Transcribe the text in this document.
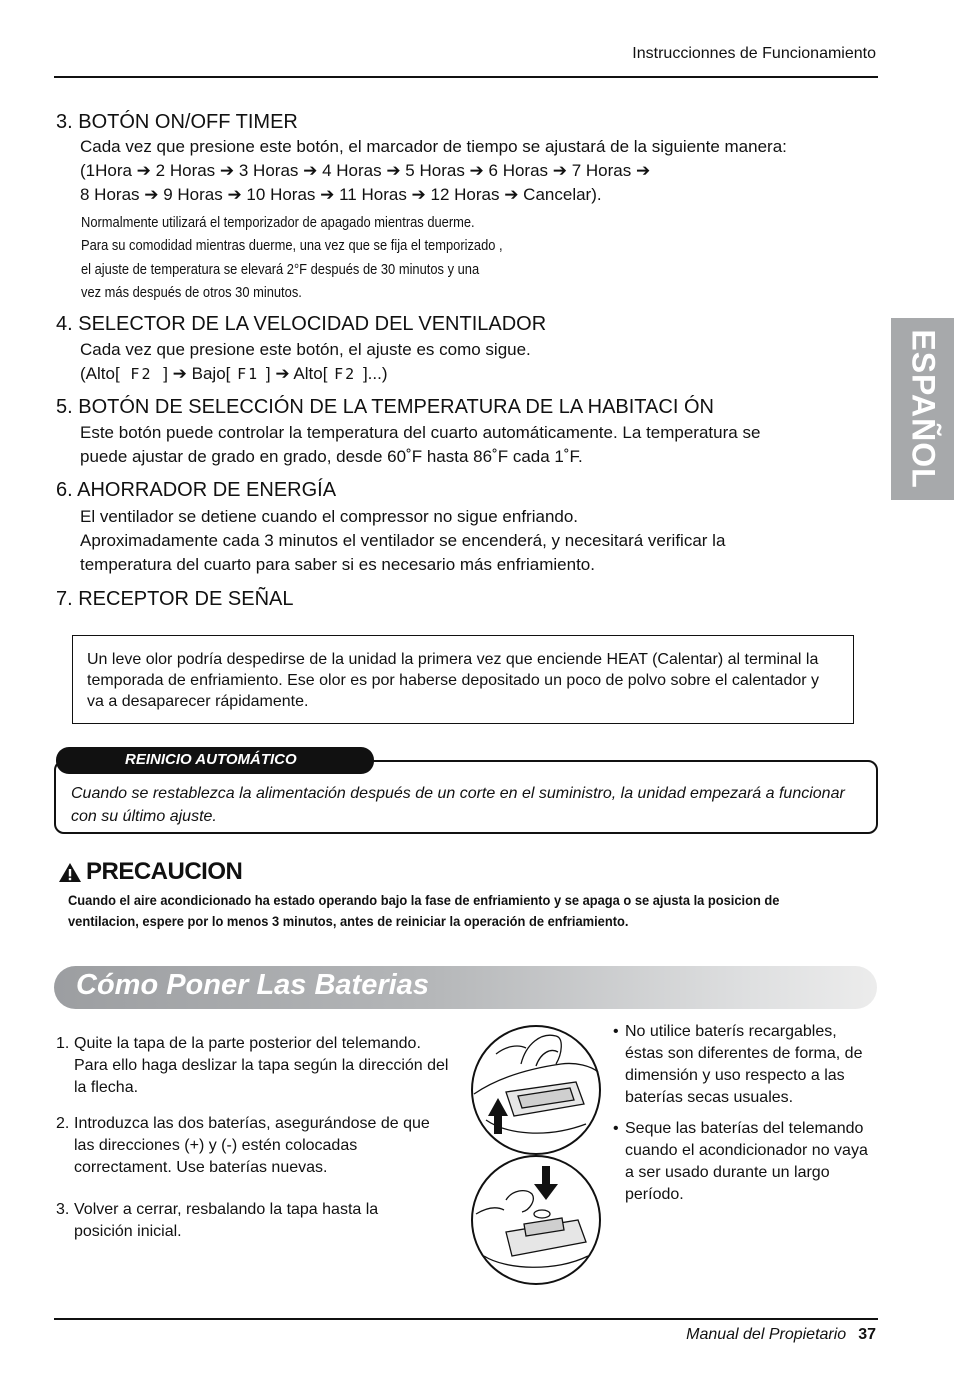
Instruccionnes de Funcionamiento
ESPAÑOL
3. BOTÓN ON/OFF TIMER
Cada vez que presione este botón, el marcador de tiempo se ajustará de la siguiente manera:
(1Hora ➔ 2 Horas ➔ 3 Horas ➔ 4 Horas ➔ 5 Horas ➔ 6 Horas ➔ 7 Horas ➔
8 Horas ➔ 9 Horas ➔ 10 Horas ➔ 11 Horas ➔ 12 Horas ➔ Cancelar).
Normalmente utilizará el temporizador de apagado mientras duerme.
Para su comodidad mientras duerme, una vez que se fija el temporizado ,
el ajuste de temperatura se elevará 2°F después de 30 minutos y una
vez más después de otros 30 minutos.
4. SELECTOR DE LA VELOCIDAD DEL VENTILADOR
Cada vez que presione este botón, el ajuste es como sigue.
(Alto[ F2 ] ➔ Bajo[ F1 ] ➔ Alto[ F2 ]...)
5. BOTÓN DE SELECCIÓN DE LA TEMPERATURA DE LA HABITACI ÓN
Este botón puede controlar la temperatura del cuarto automáticamente. La temperatura se
puede ajustar de grado en grado, desde 60˚F hasta 86˚F cada 1˚F.
6. AHORRADOR DE ENERGÍA
El ventilador se detiene cuando el compressor no sigue enfriando.
Aproximadamente cada 3 minutos el ventilador se encenderá, y necesitará verificar la
temperatura del cuarto para saber si es necesario más enfriamiento.
7. RECEPTOR DE SEÑAL
Un leve olor podría despedirse de la unidad la primera vez que enciende HEAT (Calentar) al terminal la temporada de enfriamiento. Ese olor es por haberse depositado un poco de polvo sobre el calentador y va a desaparecer rápidamente.
Cuando se restablezca la alimentación después de un corte en el suministro, la unidad empezará a funcionar con su último ajuste.
REINICIO AUTOMÁTICO
PRECAUCION
Cuando el aire acondicionado ha estado operando bajo la fase de enfriamiento y se apaga o se ajusta la posicion de
ventilacion, espere por lo menos 3 minutos, antes de reiniciar la operación de enfriamiento.
Cómo Poner Las Baterias
1. Quite la tapa de la parte posterior del telemando. Para ello haga deslizar la tapa según la dirección del la flecha.
2. Introduzca las dos baterías, asegurándose de que las direcciones (+) y (-) estén colocadas correctament. Use baterías nuevas.
3. Volver a cerrar, resbalando la tapa hasta la posición inicial.
• No utilice baterís recargables, éstas son diferentes de forma, de dimensión y uso respecto a las baterías secas usuales.
• Seque las baterías del telemando cuando el acondicionador no vaya a ser usado durante un largo período.
Manual del Propietario 37
